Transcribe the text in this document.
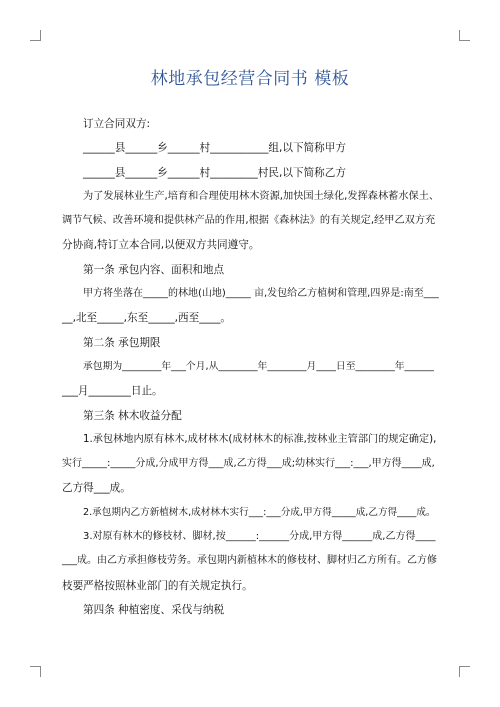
林地承包经营合同书 模板

订立合同双方:

______县______乡______村___________组,以下简称甲方

______县______乡______村_________村民,以下简称乙方

为了发展林业生产,培育和合理使用林木资源,加快国土绿化,发挥森林蓄水保土、

调节气候、改善环境和提供林产品的作用,根据《森林法》的有关规定,经甲乙双方充

分协商,特订立本合同,以便双方共同遵守。

第一条 承包内容、面积和地点

甲方将坐落在_____的林地(山地)_____ 亩,发包给乙方植树和管理,四界是:南至___

__,北至_____,东至_____,西至____。

第二条 承包期限

承包期为________年___个月,从________年________月____日至________年______

___月________日止。

第三条 林木收益分配

1.承包林地内原有林木,成材林木(成材林木的标准,按林业主管部门的规定确定),

实行_____:_____分成,分成甲方得___成,乙方得___成;幼林实行___:___,甲方得____成,

乙方得___成。

2.承包期内乙方新植树木,成材林木实行___:___分成,甲方得_____成,乙方得____成。

3.对原有林木的修枝材、脚材,按______:______分成,甲方得______成,乙方得____

___成。由乙方承担修枝劳务。承包期内新植林木的修枝材、脚材归乙方所有。乙方修

枝要严格按照林业部门的有关规定执行。

第四条 种植密度、采伐与纳税
